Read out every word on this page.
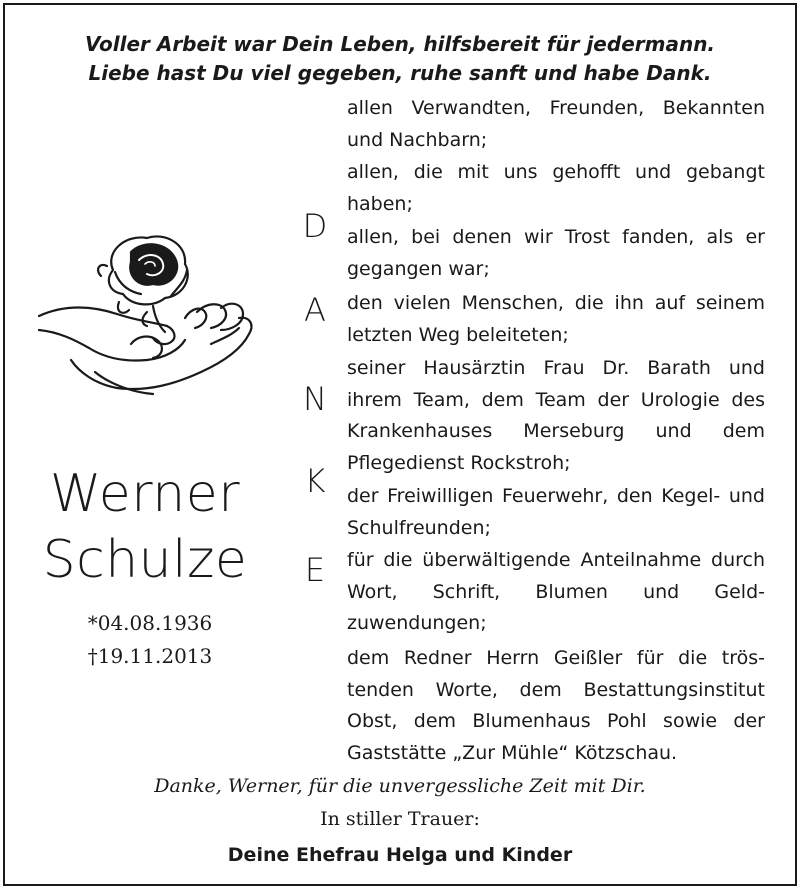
Voller Arbeit war Dein Leben, hilfsbereit für jedermann.
Liebe hast Du viel gegeben, ruhe sanft und habe Dank.
Werner
Schulze
*04.08.1936
†19.11.2013
D
A
N
K
E

allen Verwandten, Freunden, Bekannten und Nachbarn;

allen, die mit uns gehofft und gebangt haben;

allen, bei denen wir Trost fanden, als er gegangen war;

den vielen Menschen, die ihn auf seinem letzten Weg beleiteten;

seiner Hausärztin Frau Dr. Barath und ihrem Team, dem Team der Urologie des Krankenhauses Merseburg und dem Pflegedienst Rockstroh;

der Freiwilligen Feuerwehr, den Kegel- und Schulfreunden;

für die überwältigende Anteilnahme durch Wort, Schrift, Blumen und Geld- zuwendungen;

dem Redner Herrn Geißler für die trös- tenden Worte, dem Bestattungsinstitut Obst, dem Blumenhaus Pohl sowie der Gaststätte „Zur Mühle“ Kötzschau.

Danke, Werner, für die unvergessliche Zeit mit Dir.
In stiller Trauer:
Deine Ehefrau Helga und Kinder
